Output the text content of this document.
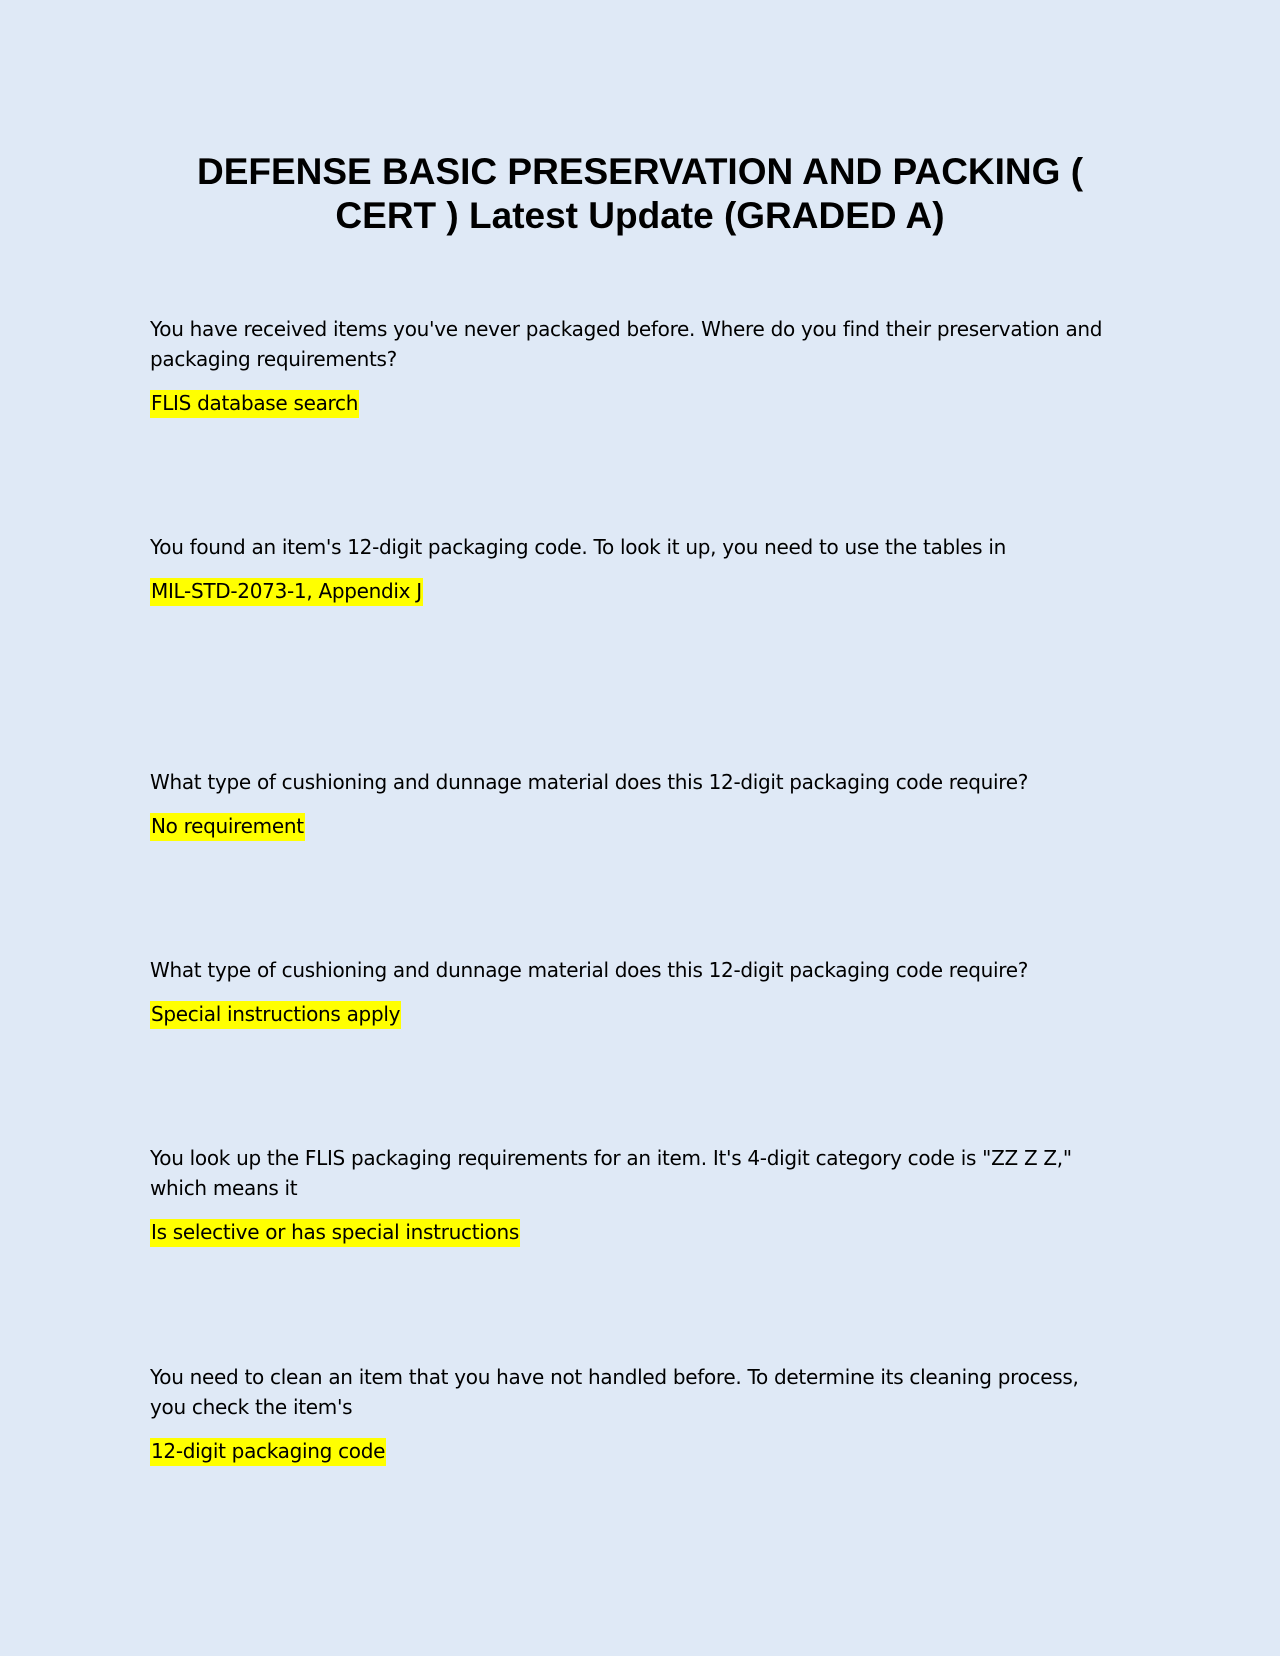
DEFENSE BASIC PRESERVATION AND PACKING ( CERT ) Latest Update (GRADED A)

You have received items you've never packaged before. Where do you find their preservation and packaging requirements?

FLIS database search

You found an item's 12-digit packaging code. To look it up, you need to use the tables in

MIL-STD-2073-1, Appendix J

What type of cushioning and dunnage material does this 12-digit packaging code require?

No requirement

What type of cushioning and dunnage material does this 12-digit packaging code require?

Special instructions apply

You look up the FLIS packaging requirements for an item. It's 4-digit category code is "ZZ Z Z," which means it

Is selective or has special instructions

You need to clean an item that you have not handled before. To determine its cleaning process, you check the item's

12-digit packaging code
